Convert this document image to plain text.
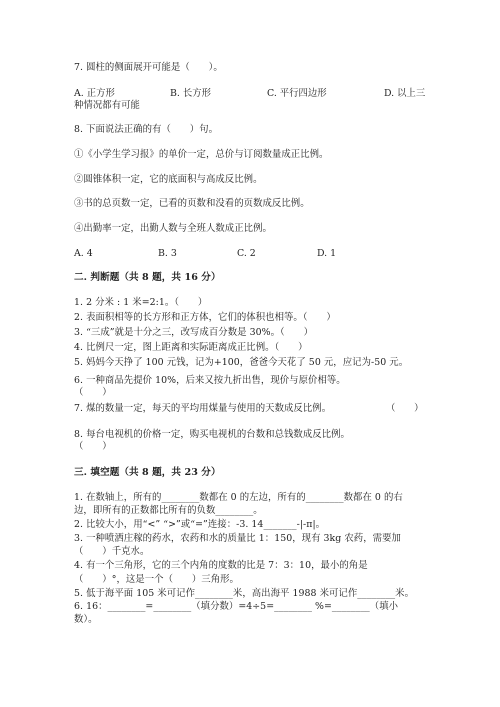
7. 圆柱的侧面展开可能是（　　）。
A. 正方形	B. 长方形	C. 平行四边形	D. 以上三
种情况都有可能
8. 下面说法正确的有（　　）句。
①《小学生学习报》的单价一定，总价与订阅数量成正比例。
②圆锥体积一定，它的底面积与高成反比例。
③书的总页数一定，已看的页数和没看的页数成反比例。
④出勤率一定，出勤人数与全班人数成正比例。
A. 4	B. 3	C. 2	D. 1
二. 判断题（共 8 题，共 16 分）
1. 2 分米 : 1 米=2:1。（　　）
2. 表面积相等的长方形和正方体，它们的体积也相等。（　　）
3. “三成”就是十分之三，改写成百分数是 30%。（　　）
4. 比例尺一定，图上距离和实际距离成正比例。（　　）
5. 妈妈今天挣了 100 元钱，记为+100，爸爸今天花了 50 元，应记为-50 元。
6. 一种商品先提价 10%，后来又按九折出售，现价与原价相等。
（　　）
7. 煤的数量一定，每天的平均用煤量与使用的天数成反比例。	（　　）
8. 每台电视机的价格一定，购买电视机的台数和总钱数成反比例。
（　　）
三. 填空题（共 8 题，共 23 分）
1. 在数轴上，所有的________数都在 0 的左边，所有的________数都在 0 的右
边，即所有的正数都比所有的负数________。
2. 比较大小，用“<” “>”或“=”连接：-3. 14_______-|-π|。
3. 一种喷洒庄稼的药水，农药和水的质量比 1：150，现有 3kg 农药，需要加
（　　）千克水。
4. 有一个三角形，它的三个内角的度数的比是 7：3：10，最小的角是
（　　）°，这是一个（　　）三角形。
5. 低于海平面 105 米可记作________米，高出海平 1988 米可记作________米。
6. 16：________=________（填分数）=4÷5=________ %=________（填小
数）。
